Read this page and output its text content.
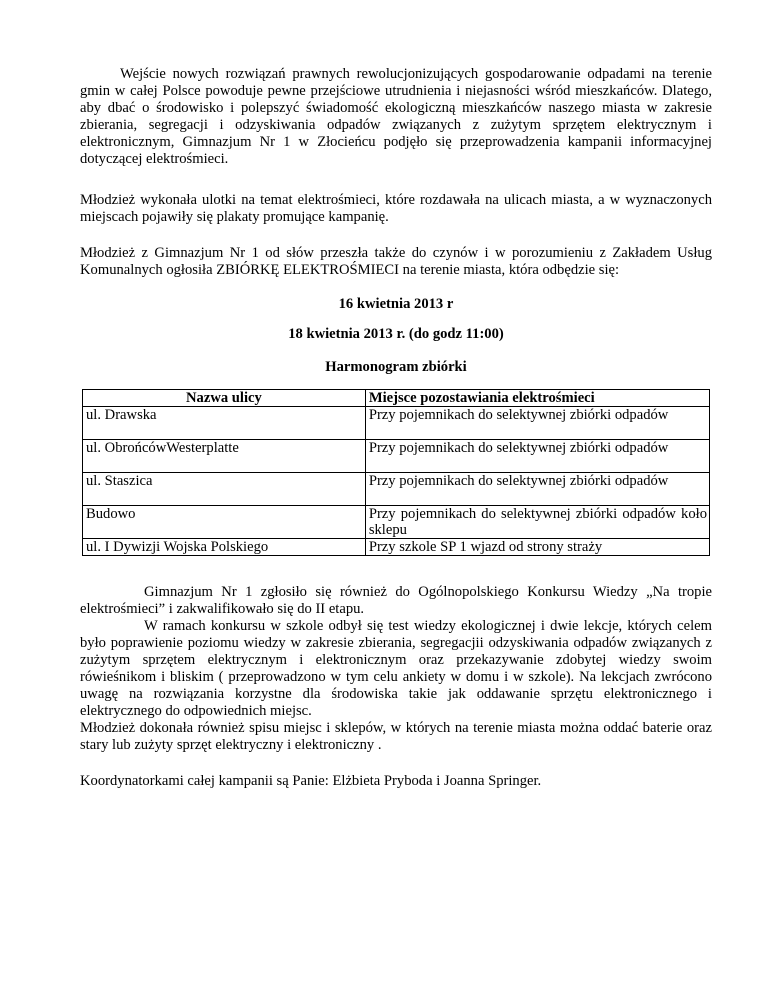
Wejście nowych rozwiązań prawnych rewolucjonizujących gospodarowanie odpadami na terenie gmin w całej Polsce powoduje pewne przejściowe utrudnienia i niejasności wśród mieszkańców. Dlatego, aby dbać o środowisko i polepszyć świadomość ekologiczną mieszkańców naszego miasta w zakresie zbierania, segregacji i odzyskiwania odpadów związanych z zużytym sprzętem elektrycznym i elektronicznym, Gimnazjum Nr 1 w Złocieńcu podjęło się przeprowadzenia kampanii informacyjnej dotyczącej elektrośmieci.

Młodzież wykonała ulotki na temat elektrośmieci, które rozdawała na ulicach miasta, a w wyznaczonych miejscach pojawiły się plakaty promujące kampanię.

Młodzież z Gimnazjum Nr 1 od słów przeszła także do czynów i w porozumieniu z Zakładem Usług Komunalnych ogłosiła ZBIÓRKĘ ELEKTROŚMIECI na terenie miasta, która odbędzie się:

16 kwietnia 2013 r

18 kwietnia 2013 r. (do godz 11:00)

Harmonogram zbiórki

Nazwa ulicy	Miejsce pozostawiania elektrośmieci
ul. Drawska	Przy pojemnikach do selektywnej zbiórki odpadów
ul. ObrońcówWesterplatte	Przy pojemnikach do selektywnej zbiórki odpadów
ul. Staszica	Przy pojemnikach do selektywnej zbiórki odpadów
Budowo	Przy pojemnikach do selektywnej zbiórki odpadów koło sklepu
ul. I Dywizji Wojska Polskiego	Przy szkole SP 1 wjazd od strony straży

Gimnazjum Nr 1 zgłosiło się również do Ogólnopolskiego Konkursu Wiedzy „Na tropie elektrośmieci” i zakwalifikowało się do II etapu.

W ramach konkursu w szkole odbył się test wiedzy ekologicznej i dwie lekcje, których celem było poprawienie poziomu wiedzy w zakresie zbierania, segregacjii odzyskiwania odpadów związanych z zużytym sprzętem elektrycznym i elektronicznym oraz przekazywanie zdobytej wiedzy swoim rówieśnikom i bliskim ( przeprowadzono w tym celu ankiety w domu i w szkole). Na lekcjach zwrócono uwagę na rozwiązania korzystne dla środowiska takie jak oddawanie sprzętu elektronicznego i elektrycznego do odpowiednich miejsc.

Młodzież dokonała również spisu miejsc i sklepów, w których na terenie miasta można oddać baterie oraz stary lub zużyty sprzęt elektryczny i elektroniczny .

Koordynatorkami całej kampanii są Panie: Elżbieta Pryboda i Joanna Springer.
